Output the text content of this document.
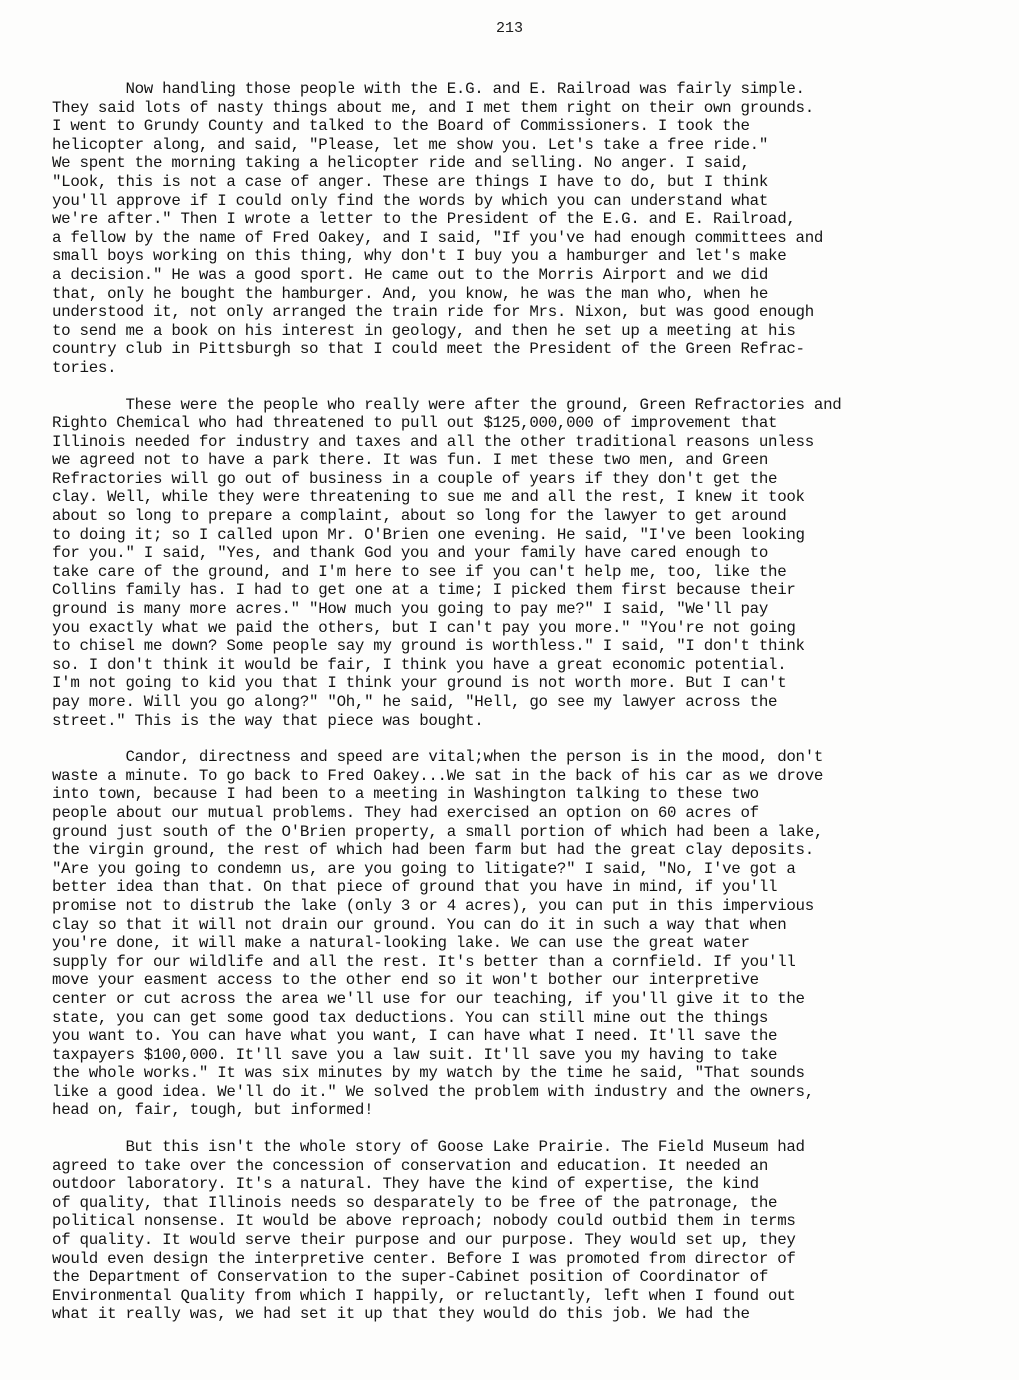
213
Now handling those people with the E.G. and E. Railroad was fairly simple.
They said lots of nasty things about me, and I met them right on their own grounds.
I went to Grundy County and talked to the Board of Commissioners. I took the
helicopter along, and said, "Please, let me show you. Let's take a free ride."
We spent the morning taking a helicopter ride and selling. No anger. I said,
"Look, this is not a case of anger. These are things I have to do, but I think
you'll approve if I could only find the words by which you can understand what
we're after." Then I wrote a letter to the President of the E.G. and E. Railroad,
a fellow by the name of Fred Oakey, and I said, "If you've had enough committees and
small boys working on this thing, why don't I buy you a hamburger and let's make
a decision." He was a good sport. He came out to the Morris Airport and we did
that, only he bought the hamburger. And, you know, he was the man who, when he
understood it, not only arranged the train ride for Mrs. Nixon, but was good enough
to send me a book on his interest in geology, and then he set up a meeting at his
country club in Pittsburgh so that I could meet the President of the Green Refrac-
tories.
These were the people who really were after the ground, Green Refractories and
Righto Chemical who had threatened to pull out $125,000,000 of improvement that
Illinois needed for industry and taxes and all the other traditional reasons unless
we agreed not to have a park there. It was fun. I met these two men, and Green
Refractories will go out of business in a couple of years if they don't get the
clay. Well, while they were threatening to sue me and all the rest, I knew it took
about so long to prepare a complaint, about so long for the lawyer to get around
to doing it; so I called upon Mr. O'Brien one evening. He said, "I've been looking
for you." I said, "Yes, and thank God you and your family have cared enough to
take care of the ground, and I'm here to see if you can't help me, too, like the
Collins family has. I had to get one at a time; I picked them first because their
ground is many more acres." "How much you going to pay me?" I said, "We'll pay
you exactly what we paid the others, but I can't pay you more." "You're not going
to chisel me down? Some people say my ground is worthless." I said, "I don't think
so. I don't think it would be fair, I think you have a great economic potential.
I'm not going to kid you that I think your ground is not worth more. But I can't
pay more. Will you go along?" "Oh," he said, "Hell, go see my lawyer across the
street." This is the way that piece was bought.
Candor, directness and speed are vital;when the person is in the mood, don't
waste a minute. To go back to Fred Oakey...We sat in the back of his car as we drove
into town, because I had been to a meeting in Washington talking to these two
people about our mutual problems. They had exercised an option on 60 acres of
ground just south of the O'Brien property, a small portion of which had been a lake,
the virgin ground, the rest of which had been farm but had the great clay deposits.
"Are you going to condemn us, are you going to litigate?" I said, "No, I've got a
better idea than that. On that piece of ground that you have in mind, if you'll
promise not to distrub the lake (only 3 or 4 acres), you can put in this impervious
clay so that it will not drain our ground. You can do it in such a way that when
you're done, it will make a natural-looking lake. We can use the great water
supply for our wildlife and all the rest. It's better than a cornfield. If you'll
move your easment access to the other end so it won't bother our interpretive
center or cut across the area we'll use for our teaching, if you'll give it to the
state, you can get some good tax deductions. You can still mine out the things
you want to. You can have what you want, I can have what I need. It'll save the
taxpayers $100,000. It'll save you a law suit. It'll save you my having to take
the whole works." It was six minutes by my watch by the time he said, "That sounds
like a good idea. We'll do it." We solved the problem with industry and the owners,
head on, fair, tough, but informed!
But this isn't the whole story of Goose Lake Prairie. The Field Museum had
agreed to take over the concession of conservation and education. It needed an
outdoor laboratory. It's a natural. They have the kind of expertise, the kind
of quality, that Illinois needs so desparately to be free of the patronage, the
political nonsense. It would be above reproach; nobody could outbid them in terms
of quality. It would serve their purpose and our purpose. They would set up, they
would even design the interpretive center. Before I was promoted from director of
the Department of Conservation to the super-Cabinet position of Coordinator of
Environmental Quality from which I happily, or reluctantly, left when I found out
what it really was, we had set it up that they would do this job. We had the
